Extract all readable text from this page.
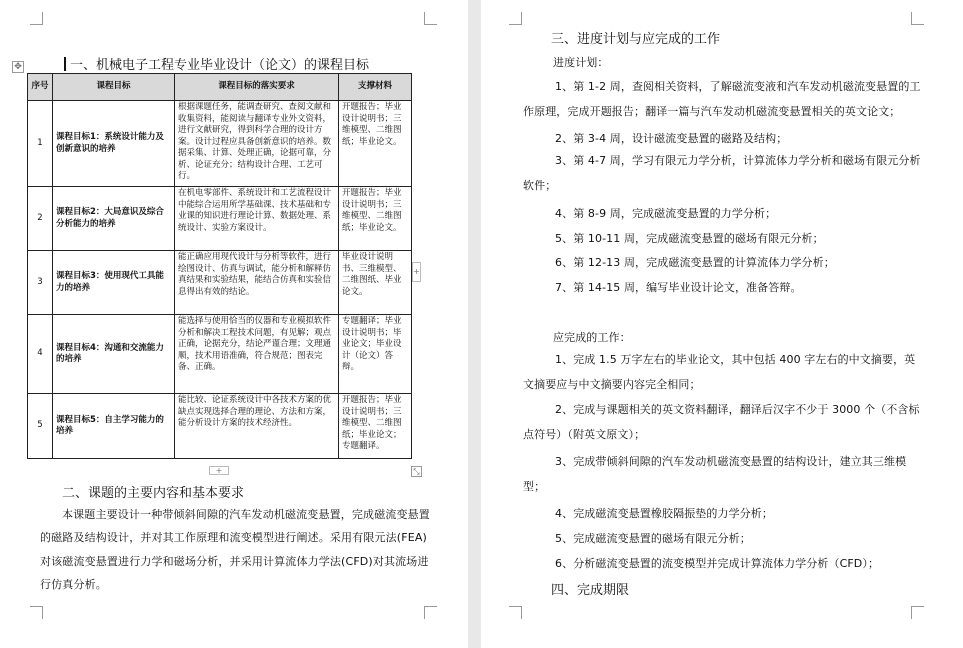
✥	一、机械电子工程专业毕业设计（论文）的课程目标
序号	课程目标	课程目标的落实要求	支撑材料
1	课程目标1：系统设计能力及创新意识的培养	根据课题任务，能调查研究、查阅文献和收集资料，能阅读与翻译专业外文资料，进行文献研究，得到科学合理的设计方案。设计过程应具备创新意识的培养。数据采集、计算、处理正确，论据可靠，分析、论证充分；结构设计合理、工艺可行。	开题报告；毕业设计说明书；三维模型、二维图纸；毕业论文。
2	课程目标2：大局意识及综合分析能力的培养	在机电零部件、系统设计和工艺流程设计中能综合运用所学基础课、技术基础和专业课的知识进行理论计算、数据处理、系统设计、实验方案设计。	开题报告；毕业设计说明书；三维模型、二维图纸；毕业论文。
3	课程目标3：使用现代工具能力的培养	能正确应用现代设计与分析等软件，进行绘图设计、仿真与调试，能分析和解释仿真结果和实验结果，能结合仿真和实验信息得出有效的结论。	毕业设计说明书、三维模型、二维图纸、毕业论文。
4	课程目标4：沟通和交流能力的培养	能选择与使用恰当的仪器和专业模拟软件分析和解决工程技术问题，有见解；观点正确，论据充分，结论严谨合理；文理通顺，技术用语准确，符合规范；图表完备、正确。	专题翻译；毕业设计说明书；毕业论文；毕业设计（论文）答辩。
5	课程目标5：自主学习能力的培养	能比较、论证系统设计中各技术方案的优缺点实现选择合理的理论、方法和方案，能分析设计方案的技术经济性。	开题报告；毕业设计说明书；三维模型、二维图纸；毕业论文；专题翻译。
+
+
⤡
二、课题的主要内容和基本要求

本课题主要设计一种带倾斜间隙的汽车发动机磁流变悬置，完成磁流变悬置的磁路及结构设计，并对其工作原理和流变模型进行阐述。采用有限元法(FEA)对该磁流变悬置进行力学和磁场分析，并采用计算流体力学法(CFD)对其流场进行仿真分析。

三、进度计划与应完成的工作
进度计划：
1、第 1-2 周，查阅相关资料，了解磁流变液和汽车发动机磁流变悬置的工作原理，完成开题报告；翻译一篇与汽车发动机磁流变悬置相关的英文论文；
2、第 3-4 周，设计磁流变悬置的磁路及结构；
3、第 4-7 周，学习有限元力学分析，计算流体力学分析和磁场有限元分析软件；
4、第 8-9 周，完成磁流变悬置的力学分析；
5、第 10-11 周，完成磁流变悬置的磁场有限元分析；
6、第 12-13 周，完成磁流变悬置的计算流体力学分析；
7、第 14-15 周，编写毕业设计论文，准备答辩。
应完成的工作：
1、完成 1.5 万字左右的毕业论文，其中包括 400 字左右的中文摘要，英文摘要应与中文摘要内容完全相同；
2、完成与课题相关的英文资料翻译，翻译后汉字不少于 3000 个（不含标点符号）（附英文原文）；
3、完成带倾斜间隙的汽车发动机磁流变悬置的结构设计，建立其三维模型；
4、完成磁流变悬置橡胶隔振垫的力学分析；
5、完成磁流变悬置的磁场有限元分析；
6、分析磁流变悬置的流变模型并完成计算流体力学分析（CFD）；
四、完成期限
